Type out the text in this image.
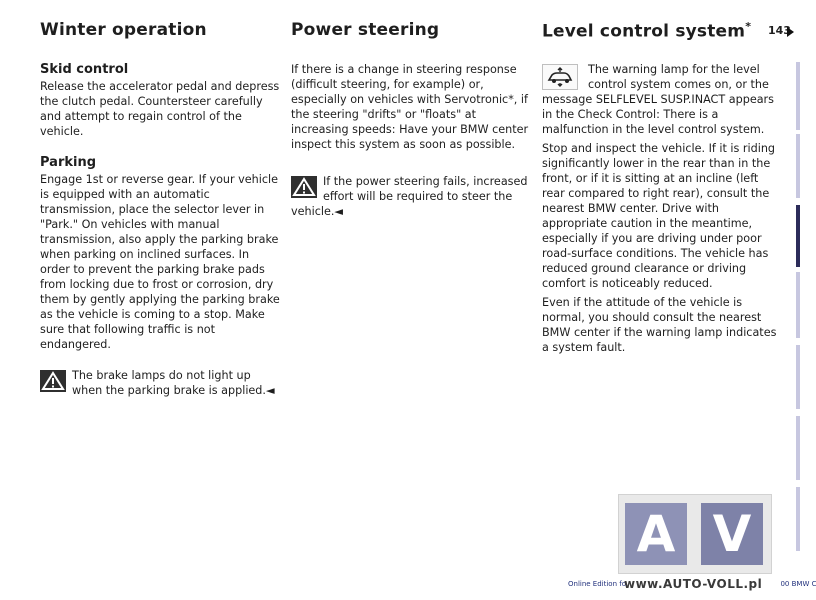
Winter operation
Skid control

Release the accelerator pedal and depress the clutch pedal. Countersteer carefully and attempt to regain control of the vehicle.

Parking

Engage 1st or reverse gear. If your vehicle is equipped with an automatic transmission, place the selector lever in "Park." On vehicles with manual transmission, also apply the parking brake when parking on inclined surfaces. In order to prevent the parking brake pads from locking due to frost or corrosion, dry them by gently applying the parking brake as the vehicle is coming to a stop. Make sure that following traffic is not endangered.

The brake lamps do not light up when the parking brake is applied.◄

Power steering

If there is a change in steering response (difficult steering, for example) or, especially on vehicles with Servotronic*, if the steering "drifts" or "floats" at increasing speeds: Have your BMW center inspect this system as soon as possible.

If the power steering fails, increased effort will be required to steer the vehicle.◄

Level control system*

The warning lamp for the level control system comes on, or the message SELFLEVEL SUSP.INACT appears in the Check Control: There is a malfunction in the level control system.

Stop and inspect the vehicle. If it is riding significantly lower in the rear than in the front, or if it is sitting at an incline (left rear compared to right rear), consult the nearest BMW center. Drive with appropriate caution in the meantime, especially if you are driving under poor road-surface conditions. The vehicle has reduced ground clearance or driving comfort is noticeably reduced.

Even if the attitude of the vehicle is normal, you should consult the nearest BMW center if the warning lamp indicates a system fault.

143
A V
Online Edition fo	00 BMW C
www.AUTO-VOLL.pl
